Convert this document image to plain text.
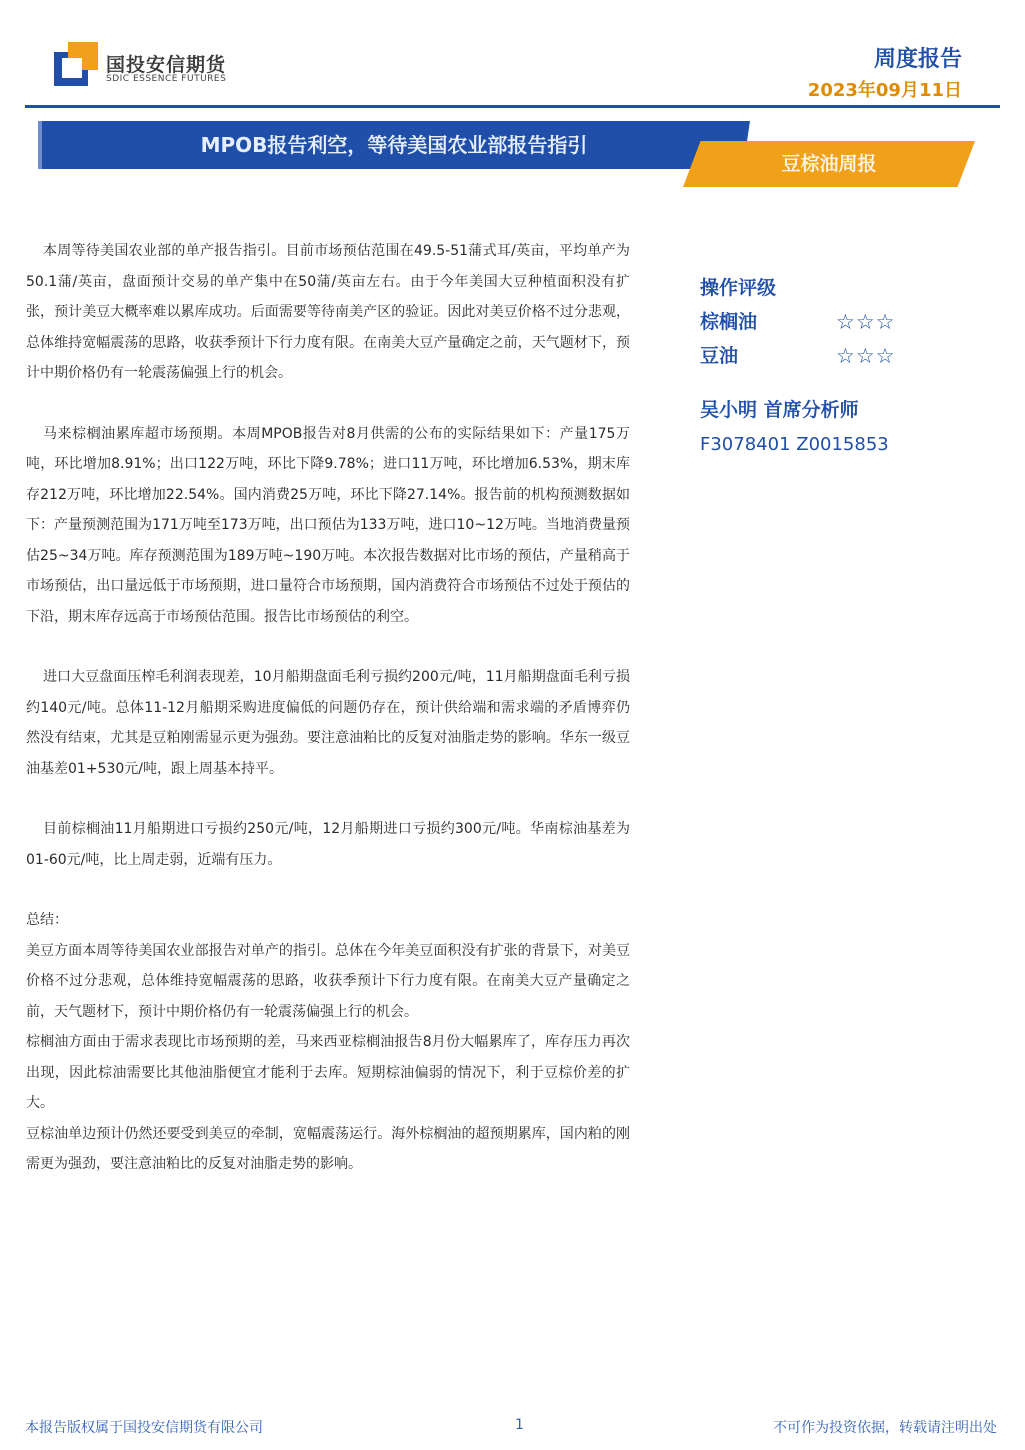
国投安信期货
SDIC ESSENCE FUTURES
周度报告
2023年09月11日
MPOB报告利空，等待美国农业部报告指引
豆棕油周报

本周等待美国农业部的单产报告指引。目前市场预估范围在49.5-51蒲式耳/英亩，平均单产为50.1蒲/英亩，盘面预计交易的单产集中在50蒲/英亩左右。由于今年美国大豆种植面积没有扩张，预计美豆大概率难以累库成功。后面需要等待南美产区的验证。因此对美豆价格不过分悲观，总体维持宽幅震荡的思路，收获季预计下行力度有限。在南美大豆产量确定之前，天气题材下，预计中期价格仍有一轮震荡偏强上行的机会。

马来棕榈油累库超市场预期。本周MPOB报告对8月供需的公布的实际结果如下：产量175万吨，环比增加8.91%；出口122万吨，环比下降9.78%；进口11万吨，环比增加6.53%，期末库存212万吨，环比增加22.54%。国内消费25万吨，环比下降27.14%。报告前的机构预测数据如下：产量预测范围为171万吨至173万吨，出口预估为133万吨，进口10~12万吨。当地消费量预估25~34万吨。库存预测范围为189万吨~190万吨。本次报告数据对比市场的预估，产量稍高于市场预估，出口量远低于市场预期，进口量符合市场预期，国内消费符合市场预估不过处于预估的下沿，期末库存远高于市场预估范围。报告比市场预估的利空。

进口大豆盘面压榨毛利润表现差，10月船期盘面毛利亏损约200元/吨，11月船期盘面毛利亏损约140元/吨。总体11-12月船期采购进度偏低的问题仍存在，预计供给端和需求端的矛盾博弈仍然没有结束，尤其是豆粕刚需显示更为强劲。要注意油粕比的反复对油脂走势的影响。华东一级豆油基差01+530元/吨，跟上周基本持平。

目前棕榈油11月船期进口亏损约250元/吨，12月船期进口亏损约300元/吨。华南棕油基差为01-60元/吨，比上周走弱，近端有压力。

总结：

美豆方面本周等待美国农业部报告对单产的指引。总体在今年美豆面积没有扩张的背景下，对美豆价格不过分悲观，总体维持宽幅震荡的思路，收获季预计下行力度有限。在南美大豆产量确定之前，天气题材下，预计中期价格仍有一轮震荡偏强上行的机会。

棕榈油方面由于需求表现比市场预期的差，马来西亚棕榈油报告8月份大幅累库了，库存压力再次出现，因此棕油需要比其他油脂便宜才能利于去库。短期棕油偏弱的情况下，利于豆棕价差的扩大。

豆棕油单边预计仍然还要受到美豆的牵制，宽幅震荡运行。海外棕榈油的超预期累库，国内粕的刚需更为强劲，要注意油粕比的反复对油脂走势的影响。

操作评级
棕榈油	☆☆☆
豆油	☆☆☆
吴小明 首席分析师
F3078401 Z0015853
本报告版权属于国投安信期货有限公司	1	不可作为投资依据，转载请注明出处
